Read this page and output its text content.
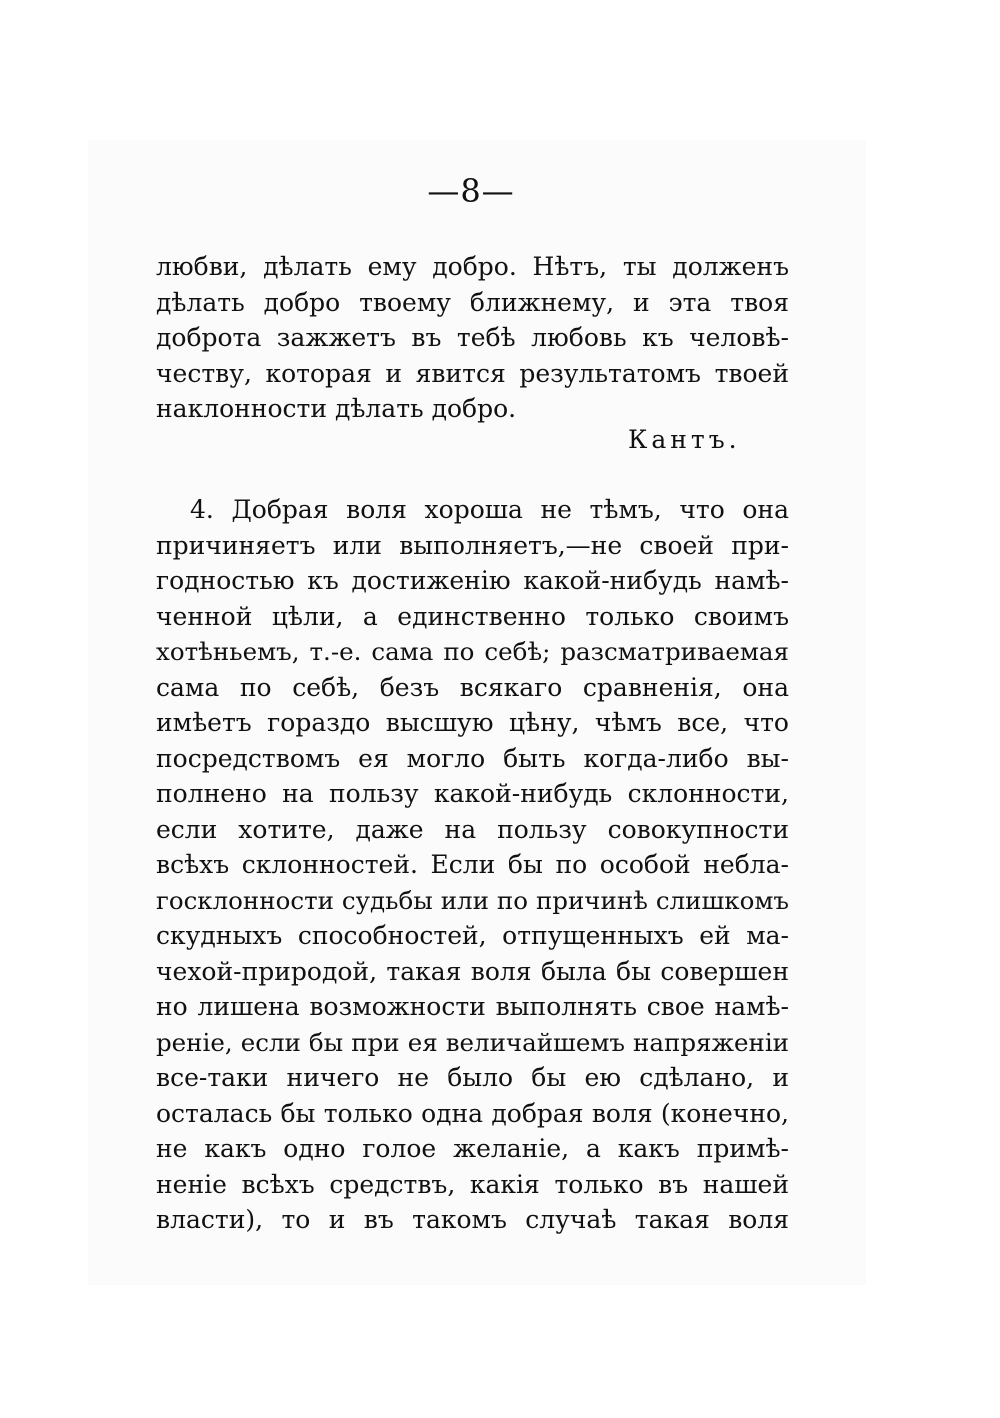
—8—
любви, дѣлать ему добро. Нѣтъ, ты долженъ
дѣлать добро твоему ближнему, и эта твоя
доброта зажжетъ въ тебѣ любовь къ человѣ-
честву, которая и явится результатомъ твоей
наклонности дѣлать добро.
Кантъ.
4. Добрая воля хороша не тѣмъ, что она
причиняетъ или выполняетъ,—не своей при-
годностью къ достиженію какой-нибудь намѣ-
ченной цѣли, а единственно только своимъ
хотѣньемъ, т.-е. сама по себѣ; разсматриваемая
сама по себѣ, безъ всякаго сравненія, она
имѣетъ гораздо высшую цѣну, чѣмъ все, что
посредствомъ ея могло быть когда-либо вы-
полнено на пользу какой-нибудь склонности,
если хотите, даже на пользу совокупности
всѣхъ склонностей. Если бы по особой небла-
госклонности судьбы или по причинѣ слишкомъ
скудныхъ способностей, отпущенныхъ ей ма-
чехой-природой, такая воля была бы совершен
но лишена возможности выполнять свое намѣ-
реніе, если бы при ея величайшемъ напряженіи
все-таки ничего не было бы ею сдѣлано, и
осталась бы только одна добрая воля (конечно,
не какъ одно голое желаніе, а какъ примѣ-
неніе всѣхъ средствъ, какія только въ нашей
власти), то и въ такомъ случаѣ такая воля
